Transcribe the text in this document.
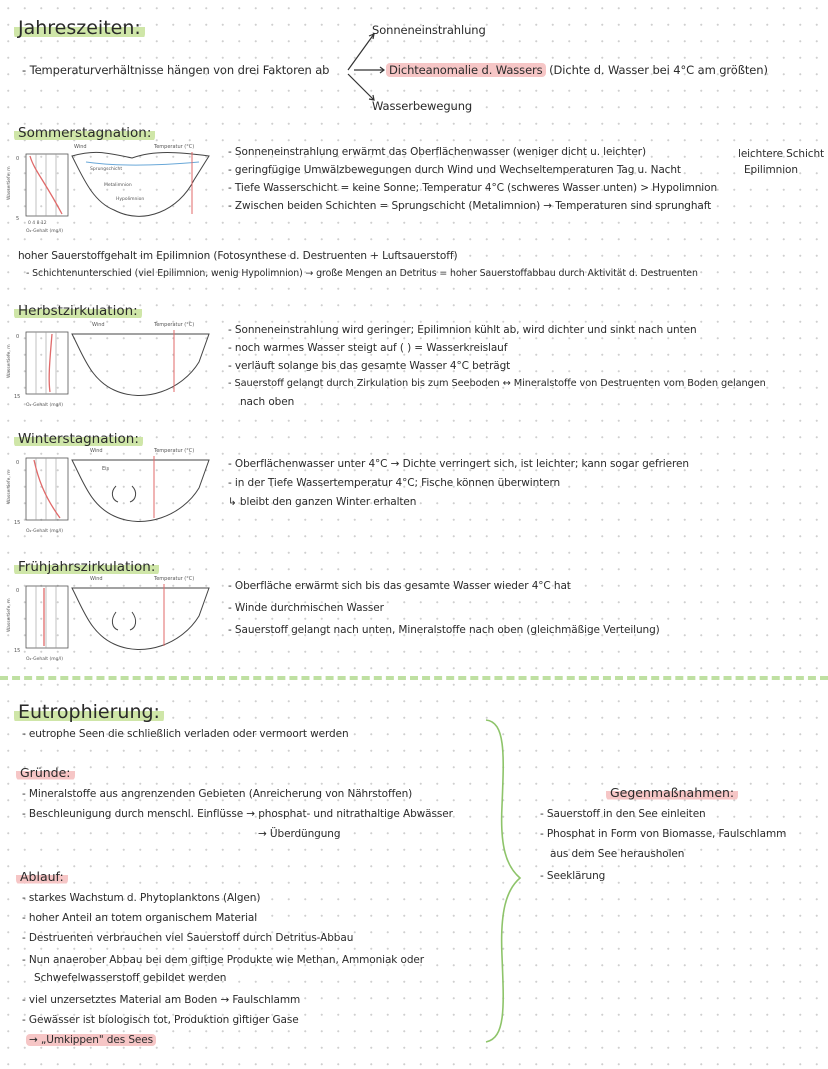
Jahreszeiten:
- Temperaturverhältnisse hängen von drei Faktoren ab
Sonneneinstrahlung
Dichteanomalie d. Wassers (Dichte d. Wasser bei 4°C am größten)
Wasserbewegung
Sommerstagnation:
Sprungschicht
Metalimnion
Hypolimnion
Wind	Temperatur (°C)
0
5
Wassertiefe, m
0 4 8 12
O₂-Gehalt (mg/l)
- Sonneneinstrahlung erwärmt das Oberflächenwasser (weniger dicht u. leichter)
- geringfügige Umwälzbewegungen durch Wind und Wechseltemperaturen Tag u. Nacht
- Tiefe Wasserschicht = keine Sonne; Temperatur 4°C (schweres Wasser unten) > Hypolimnion
- Zwischen beiden Schichten = Sprungschicht (Metalimnion) → Temperaturen sind sprunghaft
leichtere Schicht
Epilimnion
hoher Sauerstoffgehalt im Epilimnion (Fotosynthese d. Destruenten + Luftsauerstoff)
- Schichtenunterschied (viel Epilimnion, wenig Hypolimnion) → große Mengen an Detritus = hoher Sauerstoffabbau durch Aktivität d. Destruenten
Herbstzirkulation:
Wind	Temperatur (°C)
0
15
Wassertiefe, m
O₂-Gehalt (mg/l)
- Sonneneinstrahlung wird geringer; Epilimnion kühlt ab, wird dichter und sinkt nach unten
- noch warmes Wasser steigt auf ( ) = Wasserkreislauf
- verläuft solange bis das gesamte Wasser 4°C beträgt
- Sauerstoff gelangt durch Zirkulation bis zum Seeboden ↔ Mineralstoffe von Destruenten vom Boden gelangen
nach oben
Winterstagnation:
Wind
Eis
Temperatur (°C)
0
15
Wassertiefe, m
O₂-Gehalt (mg/l)
- Oberflächenwasser unter 4°C → Dichte verringert sich, ist leichter; kann sogar gefrieren
- in der Tiefe Wassertemperatur 4°C; Fische können überwintern
↳ bleibt den ganzen Winter erhalten
Frühjahrszirkulation:
Wind	Temperatur (°C)
0
15
Wassertiefe, m
O₂-Gehalt (mg/l)
- Oberfläche erwärmt sich bis das gesamte Wasser wieder 4°C hat
- Winde durchmischen Wasser
- Sauerstoff gelangt nach unten, Mineralstoffe nach oben (gleichmäßige Verteilung)
Eutrophierung:
- eutrophe Seen die schließlich verladen oder vermoort werden
Gründe:
- Mineralstoffe aus angrenzenden Gebieten (Anreicherung von Nährstoffen)
- Beschleunigung durch menschl. Einflüsse → phosphat- und nitrathaltige Abwässer
→ Überdüngung
Ablauf:
- starkes Wachstum d. Phytoplanktons (Algen)
- hoher Anteil an totem organischem Material
- Destruenten verbrauchen viel Sauerstoff durch Detritus-Abbau
- Nun anaerober Abbau bei dem giftige Produkte wie Methan, Ammoniak oder
Schwefelwasserstoff gebildet werden
- viel unzersetztes Material am Boden → Faulschlamm
- Gewässer ist biologisch tot, Produktion giftiger Gase
→ „Umkippen" des Sees
Gegenmaßnahmen:
- Sauerstoff in den See einleiten
- Phosphat in Form von Biomasse, Faulschlamm
aus dem See herausholen
- Seeklärung
